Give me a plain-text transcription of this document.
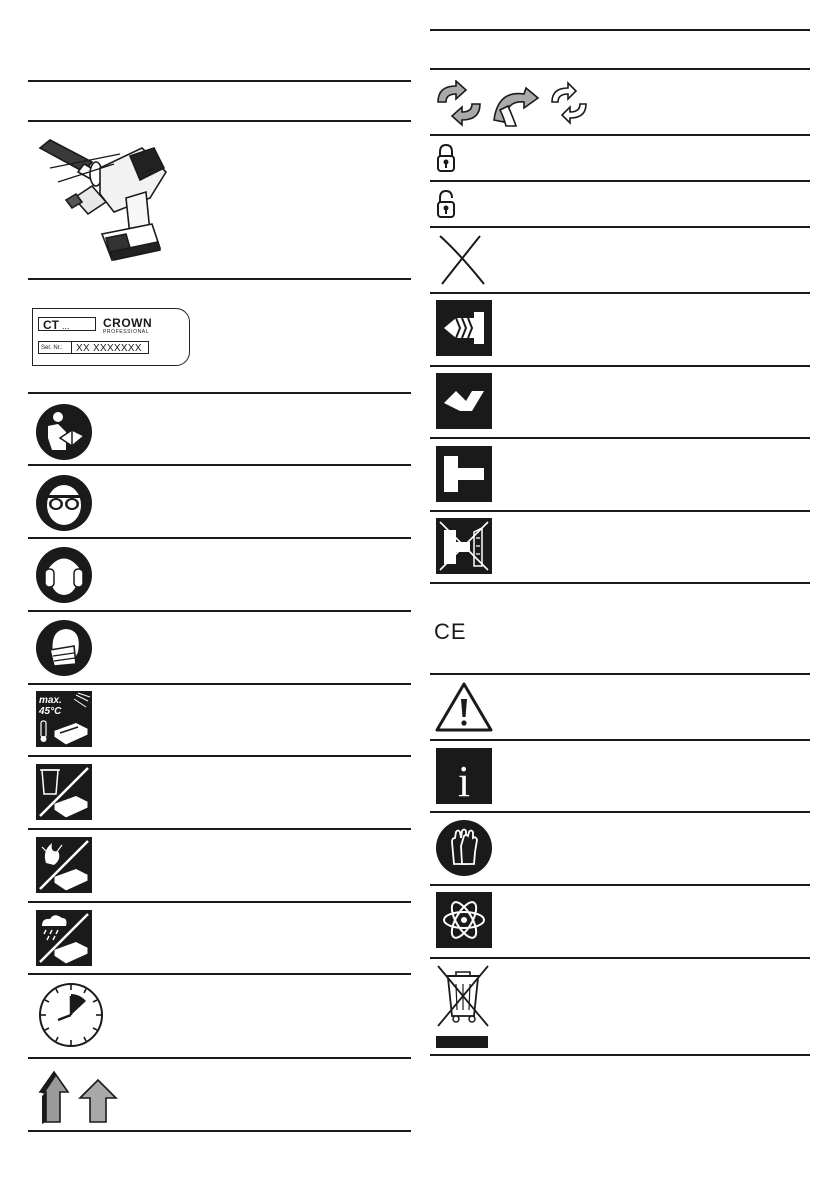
CT ...	CROWN
PROFESSIONAL
Ser. Nr.:	XX XXXXXXX
max.
45°C
CE
i
